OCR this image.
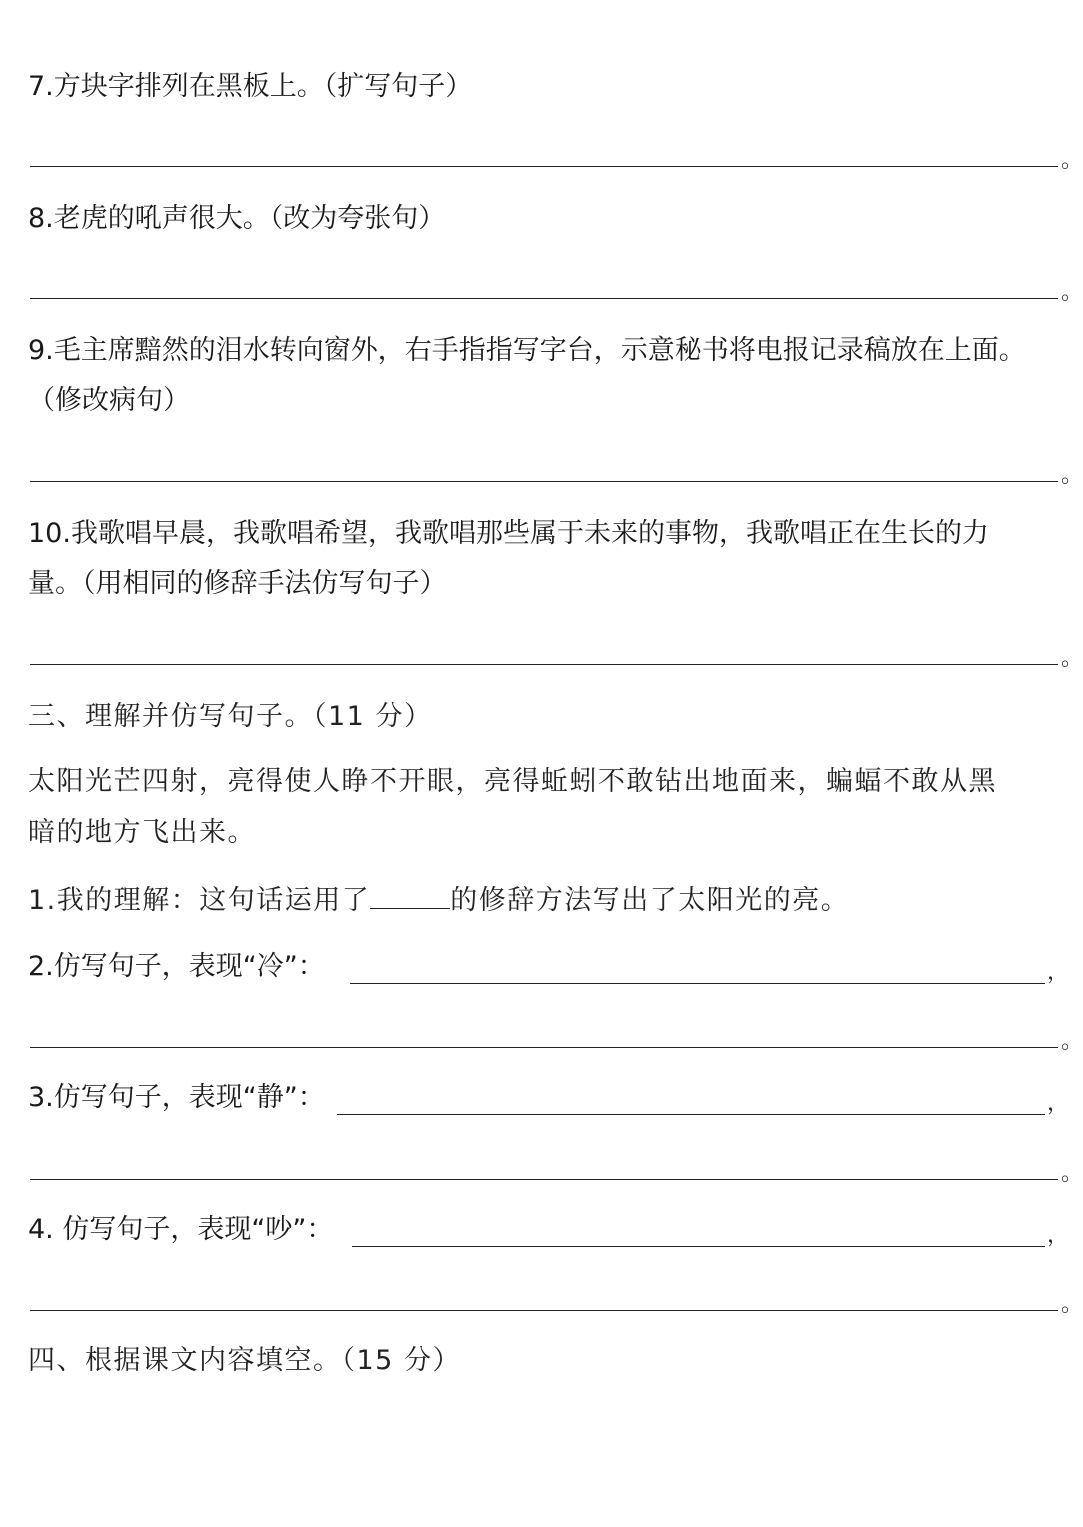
7.方块字排列在黑板上。（扩写句子）

。

8.老虎的吼声很大。（改为夸张句）

。

9.毛主席黯然的泪水转向窗外，右手指指写字台，示意秘书将电报记录稿放在上面。

（修改病句）

。

10.我歌唱早晨，我歌唱希望，我歌唱那些属于未来的事物，我歌唱正在生长的力

量。（用相同的修辞手法仿写句子）

。

三、理解并仿写句子。（11 分）

太阳光芒四射，亮得使人睁不开眼，亮得蚯蚓不敢钻出地面来，蝙蝠不敢从黑

暗的地方飞出来。

1.我的理解：这句话运用了	的修辞方法写出了太阳光的亮。

2.仿写句子，表现“冷”：	，
。

3.仿写句子，表现“静”：	，
。

4. 仿写句子，表现“吵”：	，
。

四、根据课文内容填空。（15 分）
